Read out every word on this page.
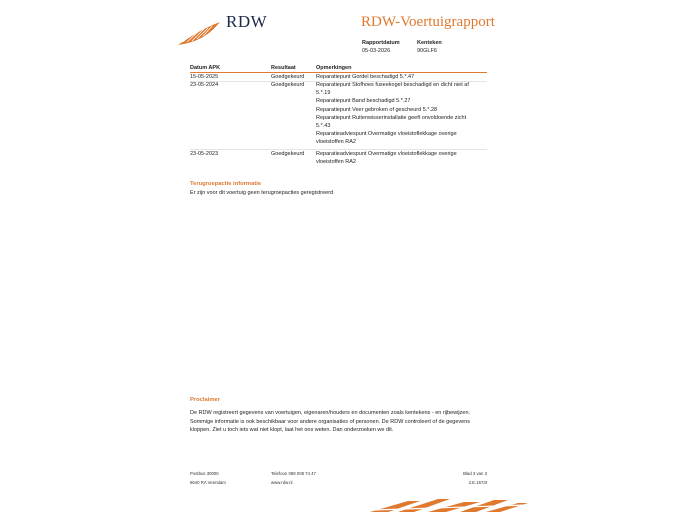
RDW	RDW-Voertuigrapport
Rapportdatum
05-03-2026
Kenteken
90GLF6
Datum APK	Resultaat	Opmerkingen
15-05-2025	Goedgekeurd Reparatiepunt Gordel beschadigd 5.*.47
23-05-2024	Goedgekeurd Reparatiepunt Stofhoes fuseekogel beschadigd en dicht niet af
5.*.19
Reparatiepunt Band beschadigd 5.*.27
Reparatiepunt Veer gebroken of gescheurd 5.*.28
Reparatiepunt Ruitenwisserinstallatie geeft onvoldoende zicht
5.*.43
Reparatieadviespunt Overmatige vloeistoflekkage overige
vloeistoffen RA2
23-05-2023	Goedgekeurd Reparatieadviespunt Overmatige vloeistoflekkage overige
vloeistoffen RA2
Terugroepactie informatie
Er zijn voor dit voertuig geen terugroepacties geregistreerd
Proclaimer
De RDW registreert gegevens van voertuigen, eigenaren/houders en documenten zoals kentekens - en rijbewijzen.
Sommige informatie is ook beschikbaar voor andere organisaties of personen. De RDW controleert of de gegevens
kloppen. Ziet u toch iets wat niet klopt, laat het ons weten. Dan onderzoeken we dit.
Postbus 30000
9640 RA Veendam
Telefoon 088 008 74 47
www.rdw.nl
Blad 3 van 3
2.E.1673I
